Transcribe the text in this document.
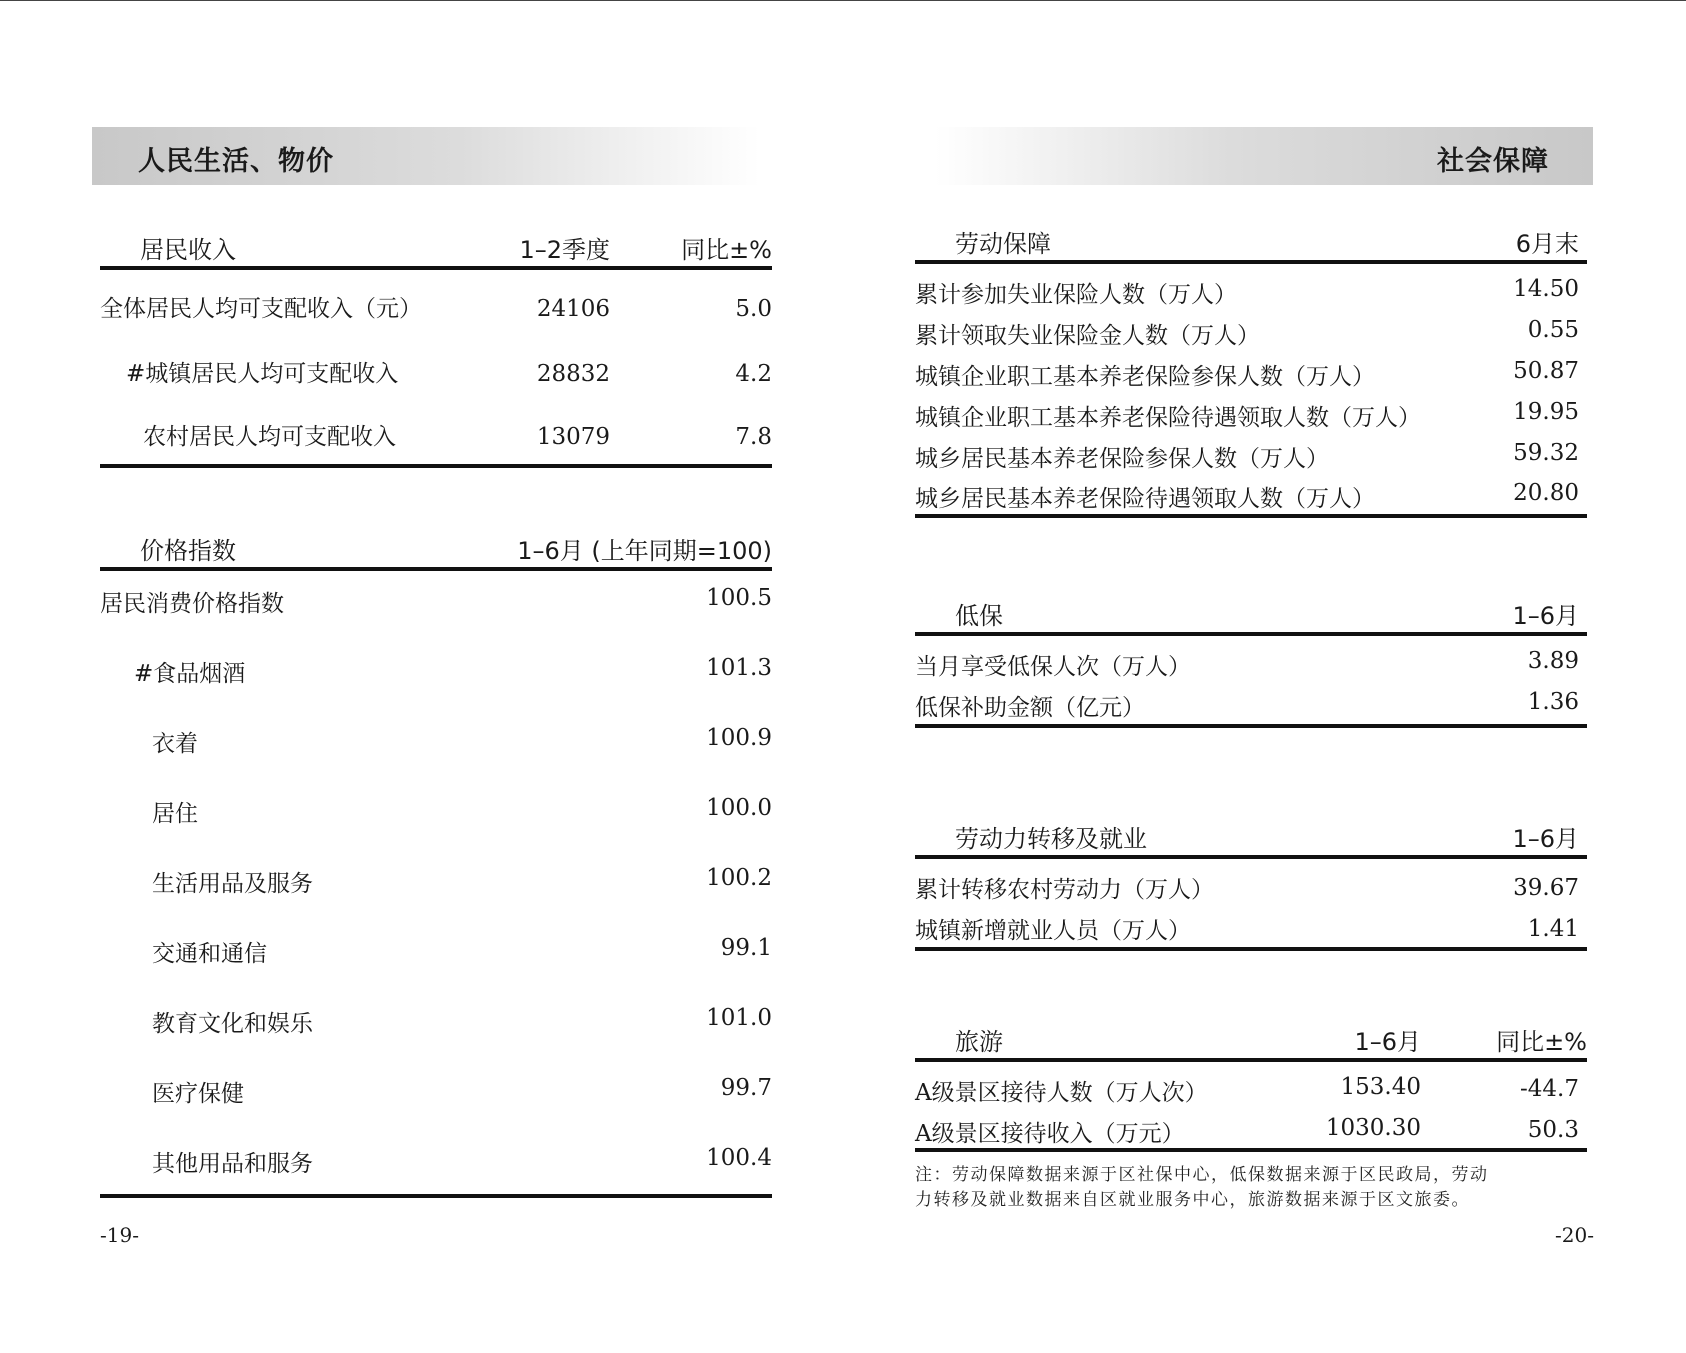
人民生活、物价
居民收入	1–2季度	同比±%
全体居民人均可支配收入（元）	24106	5.0
#城镇居民人均可支配收入	28832	4.2
农村居民人均可支配收入	13079	7.8
价格指数	1–6月 (上年同期=100)
居民消费价格指数	100.5
#食品烟酒	101.3
衣着	100.9
居住	100.0
生活用品及服务	100.2
交通和通信	99.1
教育文化和娱乐	101.0
医疗保健	99.7
其他用品和服务	100.4
-19-
社会保障
劳动保障	6月末
累计参加失业保险人数（万人）	14.50
累计领取失业保险金人数（万人）	0.55
城镇企业职工基本养老保险参保人数（万人）	50.87
城镇企业职工基本养老保险待遇领取人数（万人）	19.95
城乡居民基本养老保险参保人数（万人）	59.32
城乡居民基本养老保险待遇领取人数（万人）	20.80
低保	1–6月
当月享受低保人次（万人）	3.89
低保补助金额（亿元）	1.36
劳动力转移及就业	1–6月
累计转移农村劳动力（万人）	39.67
城镇新增就业人员（万人）	1.41
旅游	1–6月	同比±%
A级景区接待人数（万人次）	153.40	-44.7
A级景区接待收入（万元）	1030.30	50.3
注：劳动保障数据来源于区社保中心，低保数据来源于区民政局，劳动
力转移及就业数据来自区就业服务中心，旅游数据来源于区文旅委。
-20-
